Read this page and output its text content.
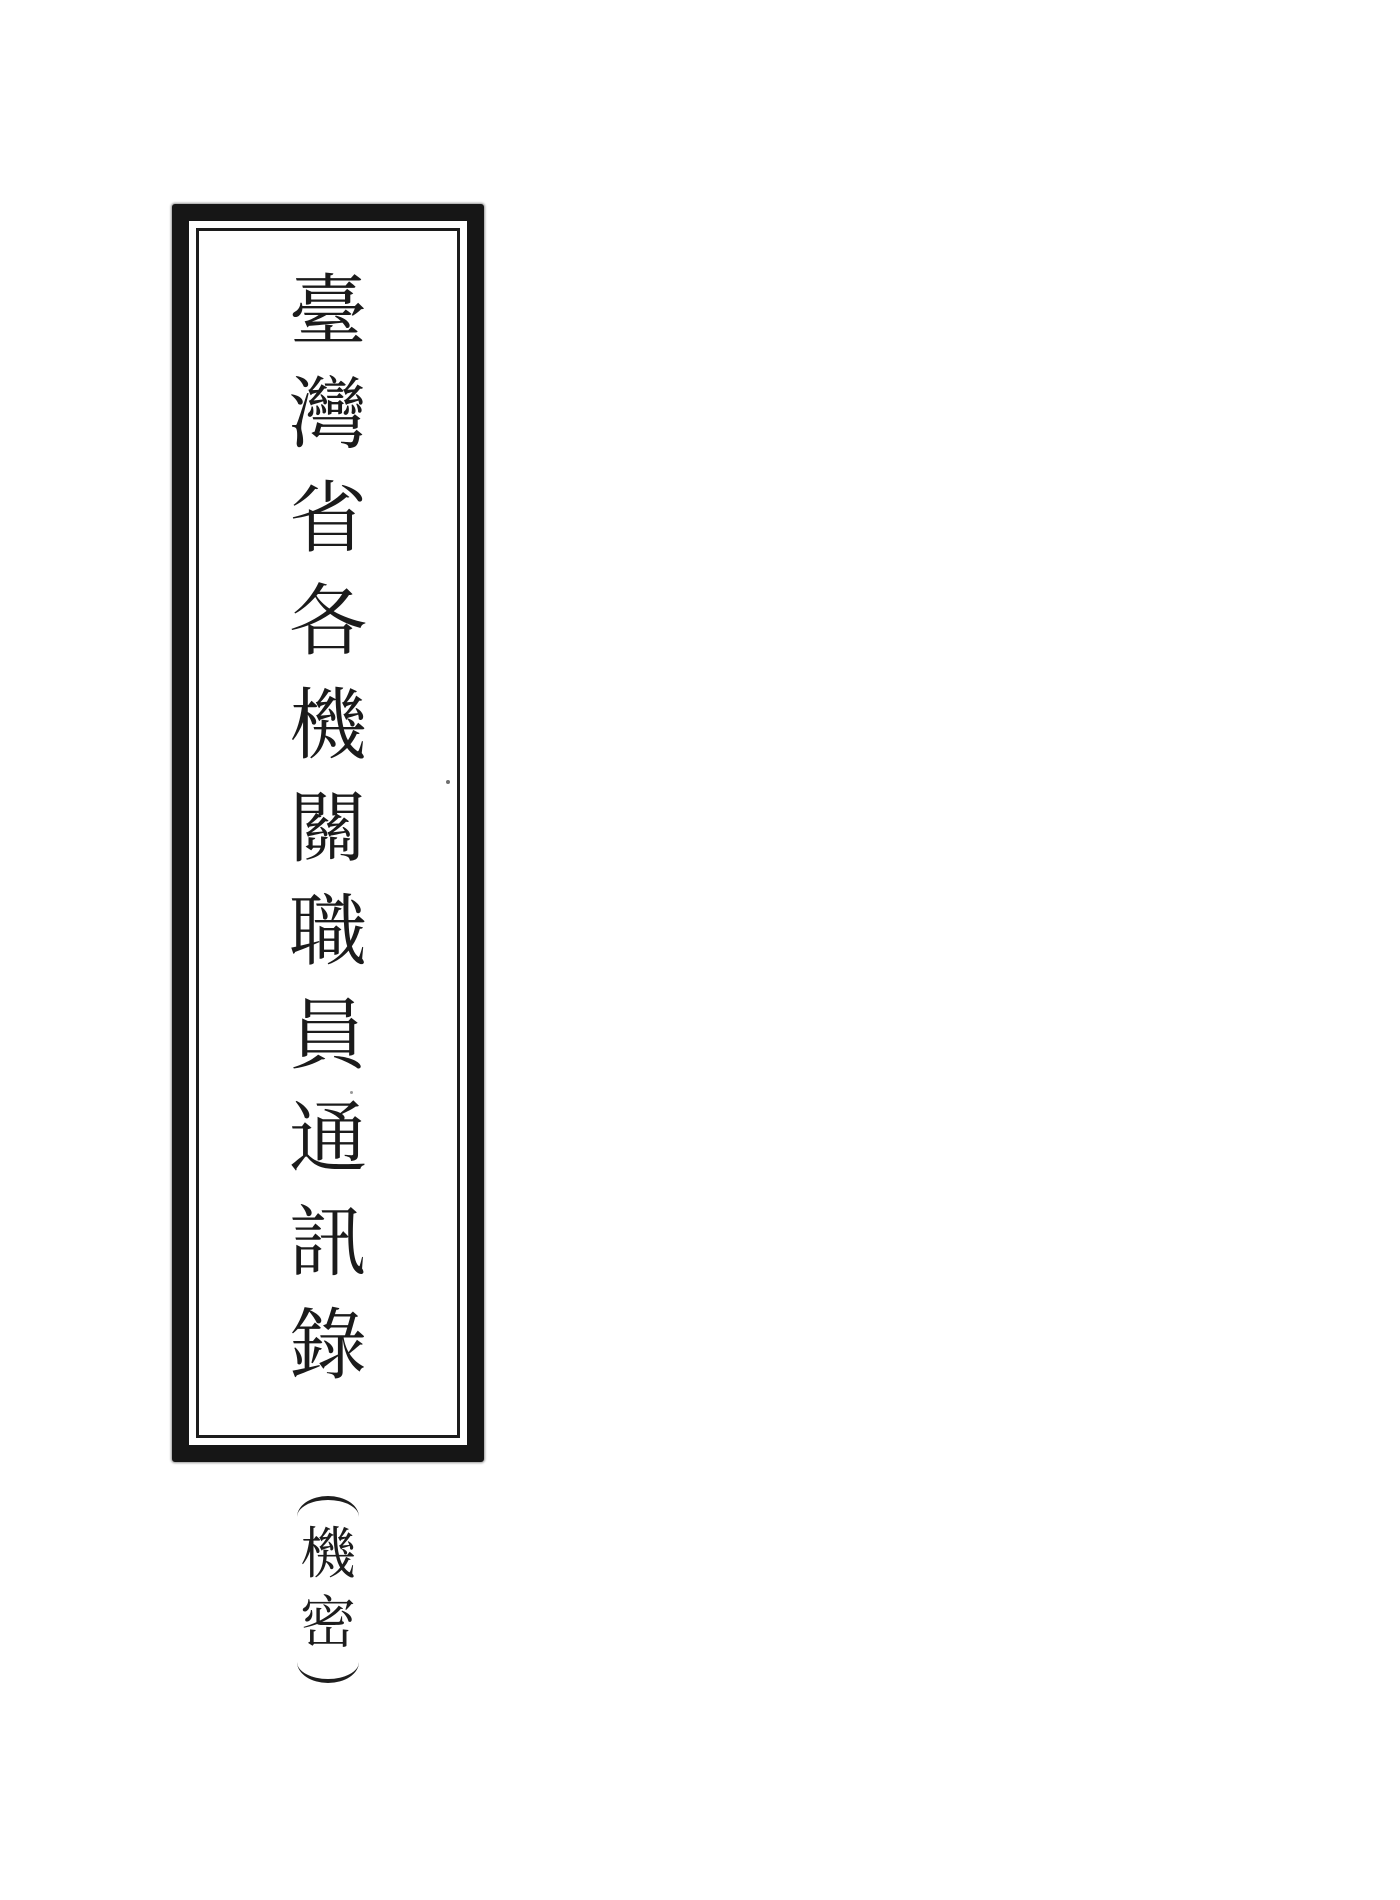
臺
灣
省
各
機
關
職
員
通
訊
錄
機
密
